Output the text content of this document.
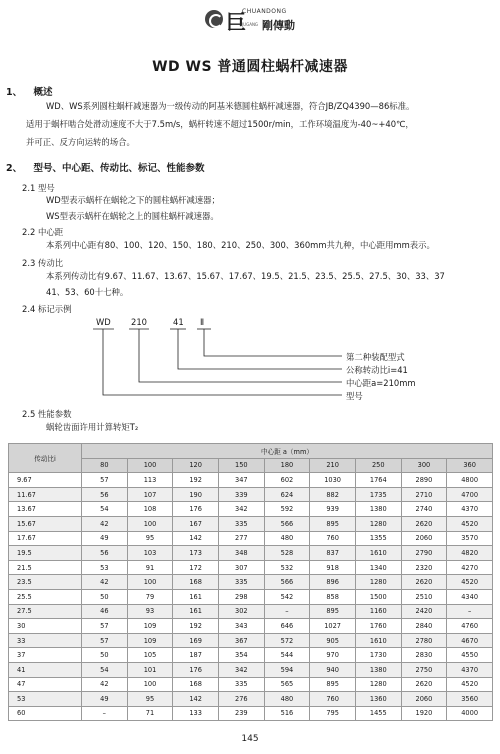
巨
CHUANDONG
JUGANG 剛傳動
WD WS 普通圆柱蜗杆减速器
1、 概述
WD、WS系列圆柱蜗杆减速器为一级传动的阿基米德圆柱蜗杆减速器，符合JB/ZQ4390—86标准。
适用于蜗杆啮合处滑动速度不大于7.5m/s，蜗杆转速不超过1500r/min，工作环境温度为-40~+40℃，
并可正、反方向运转的场合。
2、 型号、中心距、传动比、标记、性能参数
2.1 型号
WD型表示蜗杆在蜗轮之下的圆柱蜗杆减速器；
WS型表示蜗杆在蜗轮之上的圆柱蜗杆减速器。
2.2 中心距
本系列中心距有80、100、120、150、180、210、250、300、360mm共九种，中心距用mm表示。
2.3 传动比
本系列传动比有9.67、11.67、13.67、15.67、17.67、19.5、21.5、23.5、25.5、27.5、30、33、37
41、53、60十七种。
2.4 标记示例
WD 210	41 Ⅱ
第二种装配型式
公称转动比i=41
中心距a=210mm
型号
2.5 性能参数
蜗轮齿面许用计算转矩T₂
传动比i	中心距 a（mm）								
	80	100	120	150	180	210	250	300	360
9.67	57	113	192	347	602	1030	1764	2890	4800
11.67	56	107	190	339	624	882	1735	2710	4700
13.67	54	108	176	342	592	939	1380	2740	4370
15.67	42	100	167	335	566	895	1280	2620	4520
17.67	49	95	142	277	480	760	1355	2060	3570
19.5	56	103	173	348	528	837	1610	2790	4820
21.5	53	91	172	307	532	918	1340	2320	4270
23.5	42	100	168	335	566	896	1280	2620	4520
25.5	50	79	161	298	542	858	1500	2510	4340
27.5	46	93	161	302	–	895	1160	2420	–
30	57	109	192	343	646	1027	1760	2840	4760
33	57	109	169	367	572	905	1610	2780	4670
37	50	105	187	354	544	970	1730	2830	4550
41	54	101	176	342	594	940	1380	2750	4370
47	42	100	168	335	565	895	1280	2620	4520
53	49	95	142	276	480	760	1360	2060	3560
60	–	71	133	239	516	795	1455	1920	4000
145
